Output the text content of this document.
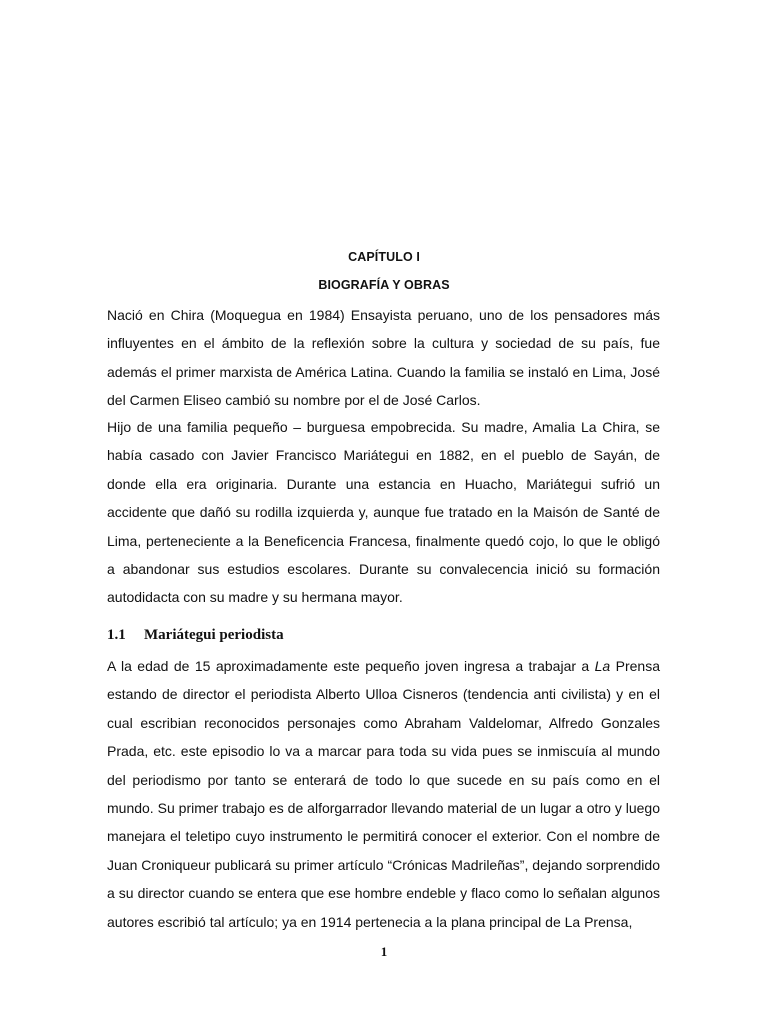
CAPÍTULO I
BIOGRAFÍA Y OBRAS

Nació en Chira (Moquegua en 1984) Ensayista peruano, uno de los pensadores más influyentes en el ámbito de la reflexión sobre la cultura y sociedad de su país, fue además el primer marxista de América Latina. Cuando la familia se instaló en Lima, José del Carmen Eliseo cambió su nombre por el de José Carlos.

Hijo de una familia pequeño – burguesa empobrecida. Su madre, Amalia La Chira, se había casado con Javier Francisco Mariátegui en 1882, en el pueblo de Sayán, de donde ella era originaria. Durante una estancia en Huacho, Mariátegui sufrió un accidente que dañó su rodilla izquierda y, aunque fue tratado en la Maisón de Santé de Lima, perteneciente a la Beneficencia Francesa, finalmente quedó cojo, lo que le obligó a abandonar sus estudios escolares. Durante su convalecencia inició su formación autodidacta con su madre y su hermana mayor.

1.1 Mariátegui periodista

A la edad de 15 aproximadamente este pequeño joven ingresa a trabajar a La Prensa estando de director el periodista Alberto Ulloa Cisneros (tendencia anti civilista) y en el cual escribian reconocidos personajes como Abraham Valdelomar, Alfredo Gonzales Prada, etc. este episodio lo va a marcar para toda su vida pues se inmiscuía al mundo del periodismo por tanto se enterará de todo lo que sucede en su país como en el mundo. Su primer trabajo es de alforgarrador llevando material de un lugar a otro y luego manejara el teletipo cuyo instrumento le permitirá conocer el exterior. Con el nombre de Juan Croniqueur publicará su primer artículo “Crónicas Madrileñas”, dejando sorprendido a su director cuando se entera que ese hombre endeble y flaco como lo señalan algunos autores escribió tal artículo; ya en 1914 pertenecia a la plana principal de La Prensa,

1
